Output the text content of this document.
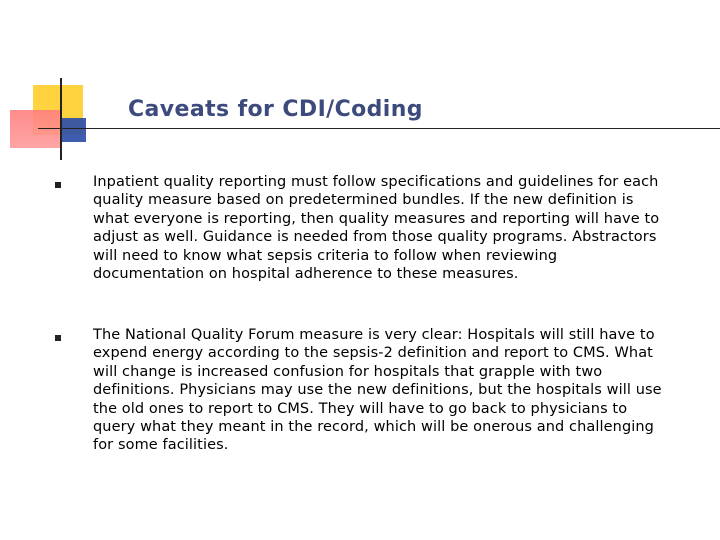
Caveats for CDI/Coding
Inpatient quality reporting must follow specifications and guidelines for each quality measure based on predetermined bundles. If the new definition is what everyone is reporting, then quality measures and reporting will have to adjust as well. Guidance is needed from those quality programs. Abstractors will need to know what sepsis criteria to follow when reviewing documentation on hospital adherence to these measures.
The National Quality Forum measure is very clear: Hospitals will still have to expend energy according to the sepsis-2 definition and report to CMS. What will change is increased confusion for hospitals that grapple with two definitions. Physicians may use the new definitions, but the hospitals will use the old ones to report to CMS. They will have to go back to physicians to query what they meant in the record, which will be onerous and challenging for some facilities.
